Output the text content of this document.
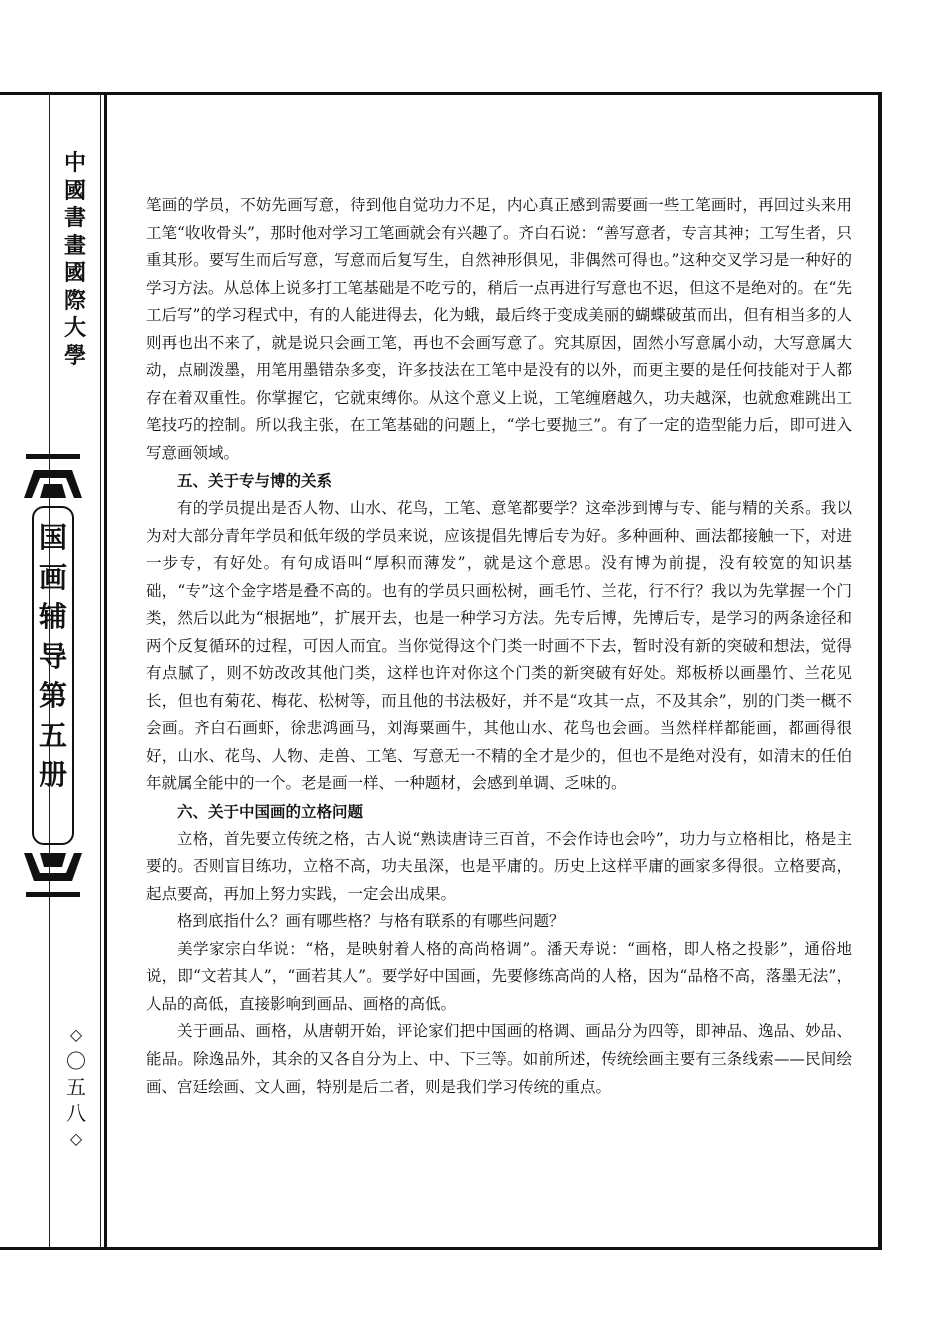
中
國
書
畫
國
際
大
學
国
画
辅
导
第
五
册
◇
〇
五
八
◇

笔画的学员，不妨先画写意，待到他自觉功力不足，内心真正感到需要画一些工笔画时，再回过头来用工笔“收收骨头”，那时他对学习工笔画就会有兴趣了。齐白石说：“善写意者，专言其神；工写生者，只重其形。要写生而后写意，写意而后复写生，自然神形俱见，非偶然可得也。”这种交叉学习是一种好的学习方法。从总体上说多打工笔基础是不吃亏的，稍后一点再进行写意也不迟，但这不是绝对的。在“先工后写”的学习程式中，有的人能进得去，化为蛾，最后终于变成美丽的蝴蝶破茧而出，但有相当多的人则再也出不来了，就是说只会画工笔，再也不会画写意了。究其原因，固然小写意属小动，大写意属大动，点刷泼墨，用笔用墨错杂多变，许多技法在工笔中是没有的以外，而更主要的是任何技能对于人都存在着双重性。你掌握它，它就束缚你。从这个意义上说，工笔缠磨越久，功夫越深，也就愈难跳出工笔技巧的控制。所以我主张，在工笔基础的问题上，“学七要抛三”。有了一定的造型能力后，即可进入写意画领域。

五、关于专与博的关系

有的学员提出是否人物、山水、花鸟，工笔、意笔都要学？这牵涉到博与专、能与精的关系。我以为对大部分青年学员和低年级的学员来说，应该提倡先博后专为好。多种画种、画法都接触一下，对进一步专，有好处。有句成语叫“厚积而薄发”，就是这个意思。没有博为前提，没有较宽的知识基础，“专”这个金字塔是叠不高的。也有的学员只画松树，画毛竹、兰花，行不行？我以为先掌握一个门类，然后以此为“根据地”，扩展开去，也是一种学习方法。先专后博，先博后专，是学习的两条途径和两个反复循环的过程，可因人而宜。当你觉得这个门类一时画不下去，暂时没有新的突破和想法，觉得有点腻了，则不妨改改其他门类，这样也许对你这个门类的新突破有好处。郑板桥以画墨竹、兰花见长，但也有菊花、梅花、松树等，而且他的书法极好，并不是“攻其一点，不及其余”，别的门类一概不会画。齐白石画虾，徐悲鸿画马，刘海粟画牛，其他山水、花鸟也会画。当然样样都能画，都画得很好，山水、花鸟、人物、走兽、工笔、写意无一不精的全才是少的，但也不是绝对没有，如清末的任伯年就属全能中的一个。老是画一样、一种题材，会感到单调、乏味的。

六、关于中国画的立格问题

立格，首先要立传统之格，古人说“熟读唐诗三百首，不会作诗也会吟”，功力与立格相比，格是主要的。否则盲目练功，立格不高，功夫虽深，也是平庸的。历史上这样平庸的画家多得很。立格要高，起点要高，再加上努力实践，一定会出成果。

格到底指什么？画有哪些格？与格有联系的有哪些问题？

美学家宗白华说：“格，是映射着人格的高尚格调”。潘天寿说：“画格，即人格之投影”，通俗地说，即“文若其人”，“画若其人”。要学好中国画，先要修练高尚的人格，因为“品格不高，落墨无法”，人品的高低，直接影响到画品、画格的高低。

关于画品、画格，从唐朝开始，评论家们把中国画的格调、画品分为四等，即神品、逸品、妙品、能品。除逸品外，其余的又各自分为上、中、下三等。如前所述，传统绘画主要有三条线索——民间绘画、宫廷绘画、文人画，特别是后二者，则是我们学习传统的重点。
